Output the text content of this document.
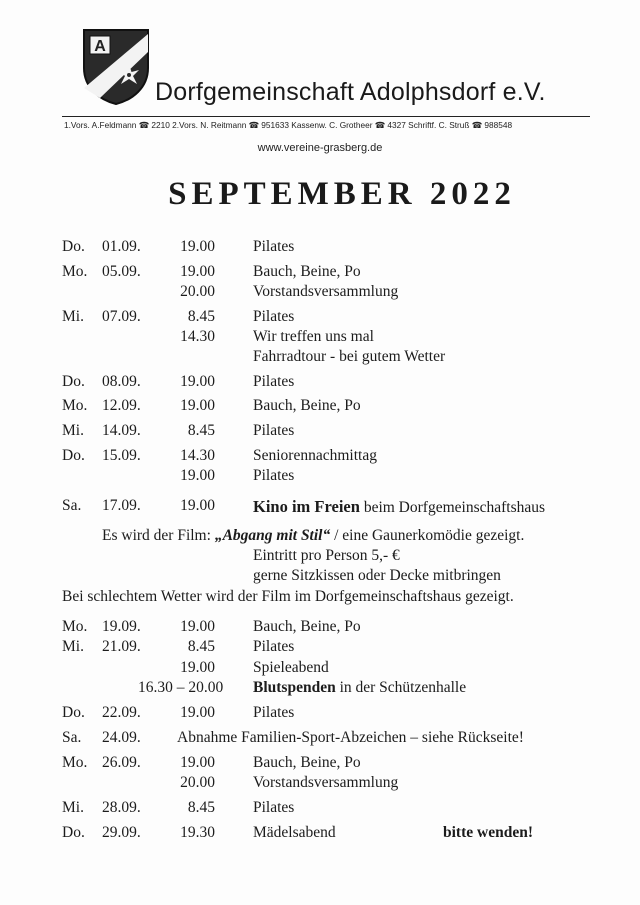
A
Dorfgemeinschaft Adolphsdorf e.V.
1.Vors. A.Feldmann ☎ 2210 2.Vors. N. Reitmann ☎ 951633 Kassenw. C. Grotheer ☎ 4327 Schriftf. C. Struß ☎ 988548
www.vereine-grasberg.de
SEPTEMBER 2022
Do. 01.09.	19.00 Pilates
Mo. 05.09.	19.00 Bauch, Beine, Po
20.00 Vorstandsversammlung
Mi. 07.09.	8.45 Pilates
14.30 Wir treffen uns mal
Fahrradtour - bei gutem Wetter
Do. 08.09.	19.00 Pilates
Mo. 12.09.	19.00 Bauch, Beine, Po
Mi. 14.09.	8.45 Pilates
Do. 15.09.	14.30 Seniorennachmittag
19.00 Pilates
Sa. 17.09.	19.00 Kino im Freien beim Dorfgemeinschaftshaus
Es wird der Film: „Abgang mit Stil“ / eine Gaunerkomödie gezeigt.
Eintritt pro Person 5,- €
gerne Sitzkissen oder Decke mitbringen
Bei schlechtem Wetter wird der Film im Dorfgemeinschaftshaus gezeigt.
Mo. 19.09.	19.00 Bauch, Beine, Po
Mi. 21.09.	8.45 Pilates
19.00 Spieleabend
16.30 – 20.00 Blutspenden in der Schützenhalle
Do. 22.09.	19.00 Pilates
Sa. 24.09. Abnahme Familien-Sport-Abzeichen – siehe Rückseite!
Mo. 26.09.	19.00 Bauch, Beine, Po
20.00 Vorstandsversammlung
Mi. 28.09.	8.45 Pilates
Do. 29.09.	19.30 Mädelsabend	bitte wenden!
